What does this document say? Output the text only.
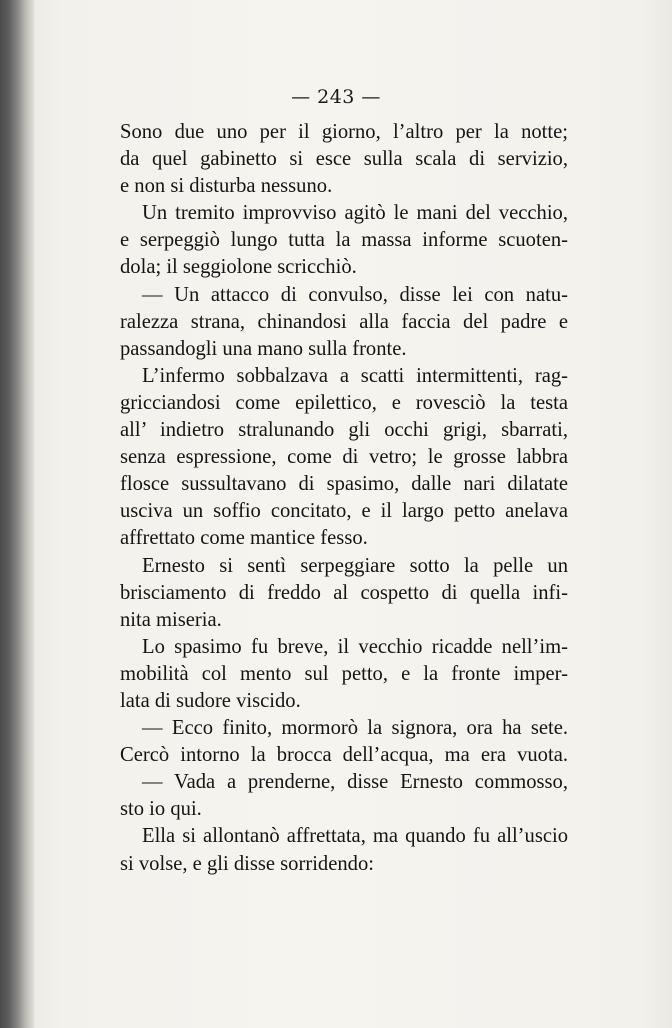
— 243 —
Sono due uno per il giorno, l’altro per la notte;
da quel gabinetto si esce sulla scala di servizio,
e non si disturba nessuno.
Un tremito improvviso agitò le mani del vecchio,
e serpeggiò lungo tutta la massa informe scuoten-
dola; il seggiolone scricchiò.
— Un attacco di convulso, disse lei con natu-
ralezza strana, chinandosi alla faccia del padre e
passandogli una mano sulla fronte.
L’infermo sobbalzava a scatti intermittenti, rag-
gricciandosi come epilettico, e rovesciò la testa
all’ indietro stralunando gli occhi grigi, sbarrati,
senza espressione, come di vetro; le grosse labbra
flosce sussultavano di spasimo, dalle nari dilatate
usciva un soffio concitato, e il largo petto anelava
affrettato come mantice fesso.
Ernesto si sentì serpeggiare sotto la pelle un
brisciamento di freddo al cospetto di quella infi-
nita miseria.
Lo spasimo fu breve, il vecchio ricadde nell’im-
mobilità col mento sul petto, e la fronte imper-
lata di sudore viscido.
— Ecco finito, mormorò la signora, ora ha sete.
Cercò intorno la brocca dell’acqua, ma era vuota.
— Vada a prenderne, disse Ernesto commosso,
sto io qui.
Ella si allontanò affrettata, ma quando fu all’uscio
si volse, e gli disse sorridendo:
